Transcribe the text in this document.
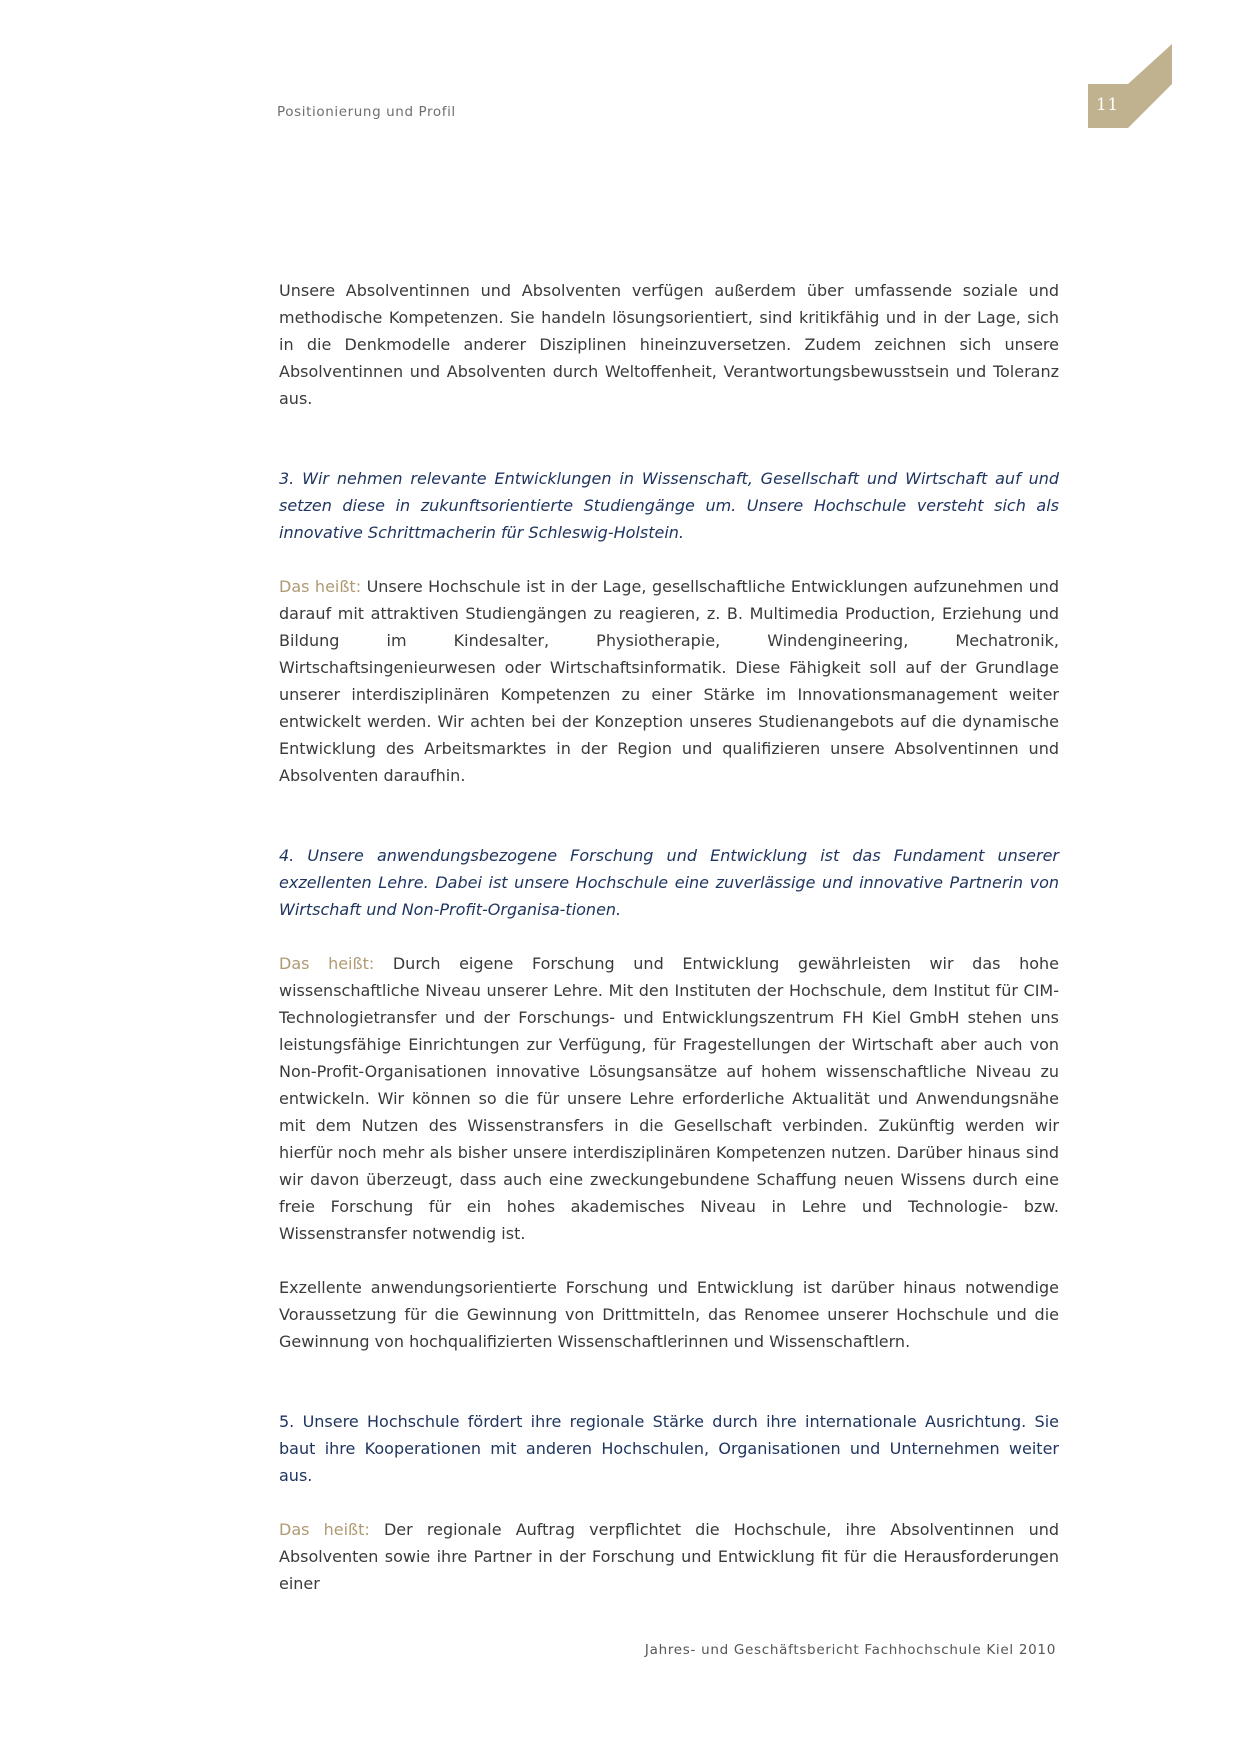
Positionierung und Profil	11

Unsere Absolventinnen und Absolventen verfügen außerdem über umfassende soziale und methodische Kompetenzen. Sie handeln lösungsorientiert, sind kritikfähig und in der Lage, sich in die Denkmodelle anderer Disziplinen hineinzuversetzen. Zudem zeichnen sich unsere Absolventinnen und Absolventen durch Weltoffenheit, Verantwortungsbewusstsein und Toleranz aus.

3. Wir nehmen relevante Entwicklungen in Wissenschaft, Gesellschaft und Wirtschaft auf und setzen diese in zukunftsorientierte Studiengänge um. Unsere Hochschule versteht sich als innovative Schrittmacherin für Schleswig-Holstein.

Das heißt: Unsere Hochschule ist in der Lage, gesellschaftliche Entwicklungen aufzunehmen und darauf mit attraktiven Studiengängen zu reagieren, z. B. Multimedia Production, Erziehung und Bildung im Kindesalter, Physiotherapie, Windengineering, Mechatronik, Wirtschaftsingenieurwesen oder Wirtschaftsinformatik. Diese Fähigkeit soll auf der Grundlage unserer interdisziplinären Kompetenzen zu einer Stärke im Innovationsmanagement weiter entwickelt werden. Wir achten bei der Konzeption unseres Studienangebots auf die dynamische Entwicklung des Arbeitsmarktes in der Region und qualifizieren unsere Absolventinnen und Absolventen daraufhin.

4. Unsere anwendungsbezogene Forschung und Entwicklung ist das Fundament unserer exzellenten Lehre. Dabei ist unsere Hochschule eine zuverlässige und innovative Partnerin von Wirtschaft und Non-Profit-Organisa-tionen.

Das heißt: Durch eigene Forschung und Entwicklung gewährleisten wir das hohe wissenschaftliche Niveau unserer Lehre. Mit den Instituten der Hochschule, dem Institut für CIM-Technologietransfer und der Forschungs- und Entwicklungszentrum FH Kiel GmbH stehen uns leistungsfähige Einrichtungen zur Verfügung, für Fragestellungen der Wirtschaft aber auch von Non-Profit-Organisationen innovative Lösungsansätze auf hohem wissenschaftliche Niveau zu entwickeln. Wir können so die für unsere Lehre erforderliche Aktualität und Anwendungsnähe mit dem Nutzen des Wissenstransfers in die Gesellschaft verbinden. Zukünftig werden wir hierfür noch mehr als bisher unsere interdisziplinären Kompetenzen nutzen. Darüber hinaus sind wir davon überzeugt, dass auch eine zweckungebundene Schaffung neuen Wissens durch eine freie Forschung für ein hohes akademisches Niveau in Lehre und Technologie- bzw. Wissenstransfer notwendig ist.

Exzellente anwendungsorientierte Forschung und Entwicklung ist darüber hinaus notwendige Voraussetzung für die Gewinnung von Drittmitteln, das Renomee unserer Hochschule und die Gewinnung von hochqualifizierten Wissenschaftlerinnen und Wissenschaftlern.

5. Unsere Hochschule fördert ihre regionale Stärke durch ihre internationale Ausrichtung. Sie baut ihre Kooperationen mit anderen Hochschulen, Organisationen und Unternehmen weiter aus.

Das heißt: Der regionale Auftrag verpflichtet die Hochschule, ihre Absolventinnen und Absolventen sowie ihre Partner in der Forschung und Entwicklung fit für die Herausforderungen einer

Jahres- und Geschäftsbericht Fachhochschule Kiel 2010
